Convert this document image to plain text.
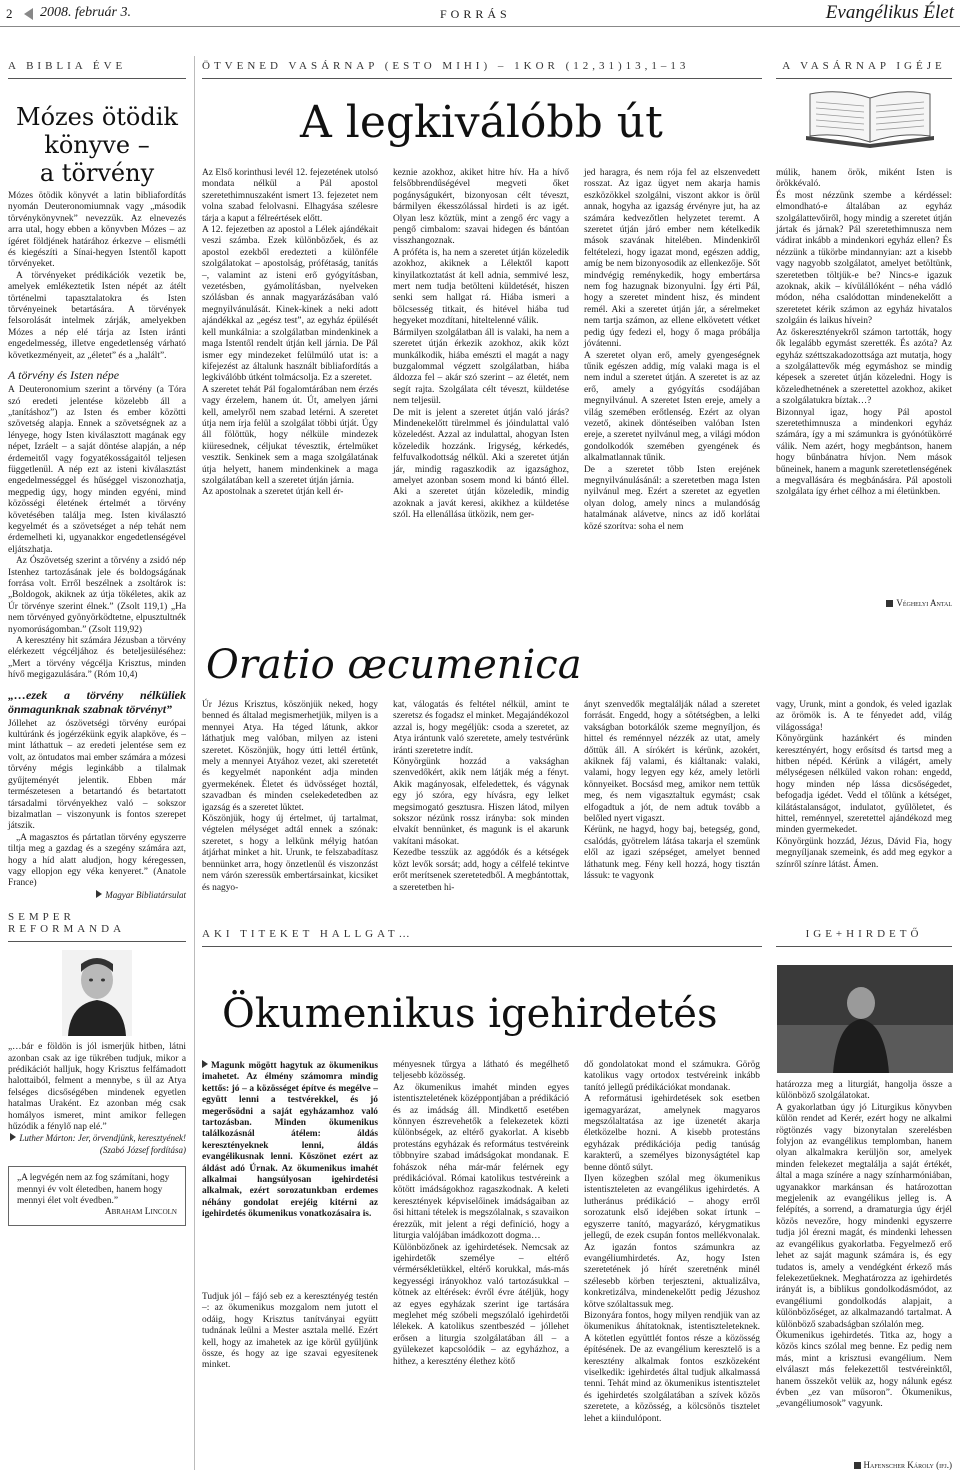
2 2008. február 3.	FORRÁS	Evangélikus Élet
A BIBLIA ÉVE
Mózes ötödik
könyve –
a törvény

Mózes ötödik könyvét a latin bibliafordítás nyomán Deuteronomiumnak vagy „második törvénykönyvnek” nevezzük. Az elnevezés arra utal, hogy ebben a könyvben Mózes – az ígéret földjének határához érkezve – elismétli és kiegészíti a Sínai-hegyen Istentől kapott törvényeket.

A törvényeket prédikációk vezetik be, amelyek emlékeztetik Isten népét az átélt történelmi tapasztalatokra és Isten törvényeinek betartására. A törvények felsorolását intelmek zárják, amelyekben Mózes a nép elé tárja az Isten iránti engedelmesség, illetve engedetlenség várható következményeit, az „életet” és a „halált”.

A törvény és Isten népe

A Deuteronomium szerint a törvény (a Tóra szó eredeti jelentése közelebb áll a „tanításhoz”) az Isten és ember közötti szövetség alapja. Ennek a szövetségnek az a lényege, hogy Isten kiválasztott magának egy népet, Izráelt – a saját döntése alapján, a nép érdemeitől vagy fogyatékosságaitól teljesen függetlenül. A nép ezt az isteni kiválasztást engedelmességgel és hűséggel viszonozhatja, megpedig úgy, hogy minden egyéni, mind közösségi életének értelmét a törvény követésében találja meg. Isten kiválasztó kegyelmét és a szövetséget a nép tehát nem érdemelheti ki, ugyanakkor engedetlenségével eljátszhatja.

Az Ószövetség szerint a törvény a zsidó nép Istenhez tartozásának jele és boldogságának forrása volt. Erről beszélnek a zsoltárok is: „Boldogok, akiknek az útja tökéletes, akik az Úr törvénye szerint élnek.” (Zsolt 119,1) „Ha nem törvényed gyönyörködtetne, elpusztultnék nyomorúságomban.” (Zsolt 119,92)

A keresztény hit számára Jézusban a törvény elérkezett végcéljához és beteljesüléséhez: „Mert a törvény végcélja Krisztus, minden hívő megigazulására.” (Róm 10,4)

„…ezek a törvény nélküliek önmagunknak szabnak törvényt”

Jóllehet az ószövetségi törvény európai kultúránk és jogérzékünk egyik alapköve, és – mint láthattuk – az eredeti jelentése sem ez volt, az öntudatos mai ember számára a mózesi törvény mégis leginkább a tilalmak gyűjteményét jelentik. Ebben már természetesen a betartandó és betartatott társadalmi törvényekhez való – sokszor bizalmatlan – viszonyunk is fontos szerepet játszik.

„A magasztos és pártatlan törvény egyszerre tiltja meg a gazdag és a szegény számára azt, hogy a híd alatt aludjon, hogy kéregessen, vagy ellopjon egy véka kenyeret.” (Anatole France)

Magyar Bibliatársulat
SEMPER REFORMANDA

„…bár e földön is jól ismerjük hitben, látni azonban csak az ige tükrében tudjuk, mikor a prédikációt halljuk, hogy Krisztus felfámadott halottaiból, felment a mennybe, s ül az Atya felséges dicsőségében mindenek egyetlen hatalmas Uraként. Ez azonban még csak homályos ismeret, mint amikor fellegen hűzódik a fénylő nap elé.”

Luther Márton: Jer, örvendjünk, keresztyének! (Szabó József fordítása)
„A legvégén nem az fog számítani, hogy mennyi év volt életedben, hanem hogy mennyi élet volt évedben.”
Abraham Lincoln
ÖTVENED VASÁRNAP (ESTO MIHI) – 1KOR (12,31)13,1–13	A VASÁRNAP IGÉJE
A legkiválóbb út
Az Első korinthusi levél 12. fejezetének utolsó mondata nélkül a Pál apostol szeretethimnuszaként ismert 13. fejezetet nem volna szabad felolvasni. Elhagyása szélesre tárja a kaput a félreértések előtt.
A 12. fejezetben az apostol a Lélek ajándékait veszi számba. Ezek különbözőek, és az apostol ezekből eredezteti a különféle szolgálatokat – apostolság, prófétaság, tanítás –, valamint az isteni erő gyógyításban, vezetésben, gyámolításban, nyelveken szólásban és annak magyarázásában való megnyilvánulását. Kinek-kinek a neki adott ajándékkal az „egész test”, az egyház épülését kell munkálnia: a szolgálatban mindenkinek a maga Istentől rendelt útján kell járnia. De Pál ismer egy mindezeket felülmúló utat is: a kifejezést az általunk használt bibliafordítás a legkiválóbb útként tolmácsolja. Ez a szeretet.
A szeretet tehát Pál fogalomtárában nem érzés vagy érzelem, hanem út. Út, amelyen járni kell, amelyről nem szabad letérni. A szeretet útja nem írja felül a szolgálat többi útját. Úgy áll fölöttük, hogy nélküle mindezek kiüresednek, céljukat tévesztik, értelmüket vesztik. Senkinek sem a maga szolgálatának útja helyett, hanem mindenkinek a maga szolgálatában kell a szeretet útján járnia.
Az apostolnak a szeretet útján kell ér-
keznie azokhoz, akiket hitre hív. Ha a hívő felsőbbrendűségével megveti őket pogányságukért, bizonyosan célt téveszt, bármilyen ékesszólással hirdeti is az igét. Olyan lesz köztük, mint a zengő érc vagy a pengő cimbalom: szavai hidegen és bántóan visszhangoznak.
A próféta is, ha nem a szeretet útján közeledik azokhoz, akiknek a Lélektől kapott kinyilatkoztatást át kell adnia, semmivé lesz, mert nem tudja betölteni küldetését, hiszen senki sem hallgat rá. Hiába ismeri a bölcsesség titkait, és hitével hiába tud hegyeket mozdítani, hiteltelenné válik.
Bármilyen szolgálatban áll is valaki, ha nem a szeretet útján érkezik azokhoz, akik közt munkálkodik, hiába emészti el magát a nagy buzgalommal végzett szolgálatban, hiába áldozza fel – akár szó szerint – az életét, nem segít rajta. Szolgálata célt téveszt, küldetése nem teljesül.
De mit is jelent a szeretet útján való járás? Mindenekelőtt türelmmel és jóindulattal való közeledést. Azzal az indulattal, ahogyan Isten közeledik hozzánk. Irigység, kérkedés, felfuvalkodottság nélkül. Aki a szeretet útján jár, mindig ragaszkodik az igazsághoz, amelyet azonban sosem mond ki bántó éllel. Aki a szeretet útján közeledik, mindig azoknak a javát keresi, akikhez a küldetése szól. Ha ellenállása ütközik, nem ger-
jed haragra, és nem rója fel az elszenvedett rosszat. Az igaz ügyet nem akarja hamis eszközökkel szolgálni, viszont akkor is örül annak, hogyha az igazság érvényre jut, ha az számára kedvezőtlen helyzetet teremt. A szeretet útján járó ember nem kételkedik mások szavának hitelében. Mindenkiről feltételezi, hogy igazat mond, egészen addig, amíg be nem bizonyosodik az ellenkezője. Sőt mindvégig reménykedik, hogy embertársa nem fog hazugnak bizonyulni. Így érti Pál, hogy a szeretet mindent hisz, és mindent remél. Aki a szeretet útján jár, a sérelmeket nem tartja számon, az ellene elkövetett vétket pedig úgy fedezi el, hogy ő maga próbálja jóvátenni.
A szeretet olyan erő, amely gyengeségnek tűnik egészen addig, míg valaki maga is el nem indul a szeretet útján. A szeretet is az az erő, amely a gyógyítás csodájában megnyilvánul. A szeretet Isten ereje, amely a világ szemében erőtlenség. Ezért az olyan vezető, akinek döntéseiben valóban Isten ereje, a szeretet nyilvánul meg, a világi módon gondolkodók szemében gyengének és alkalmatlannak tűnik.
De a szeretet több Isten erejének megnyilvánulásánál: a szeretetben maga Isten nyilvánul meg. Ezért a szeretet az egyetlen olyan dolog, amely nincs a mulandóság hatalmának alávetve, nincs az idő korlátai közé szorítva: soha el nem
múlik, hanem örök, miként Isten is örökkévaló.
És most nézzünk szembe a kérdéssel: elmondható-e általában az egyház szolgálattevőiről, hogy mindig a szeretet útján jártak és járnak? Pál szeretethimnusza nem vádirat inkább a mindenkori egyház ellen? És nézzünk a tükörbe mindannyian: azt a kisebb vagy nagyobb szolgálatot, amelyet betöltünk, szeretetben töltjük-e be? Nincs-e igazuk azoknak, akik – kívülállóként – néha vádló módon, néha csalódottan mindenekelőtt a szeretetet kérik számon az egyház hivatalos szolgáin és laikus hívein?
Az őskeresztényekről számon tartották, hogy ők legalább egymást szerették. És azóta? Az egyház széttszakadozottsága azt mutatja, hogy a szolgálattevők még egymáshoz se mindig képesek a szeretet útján közeledni. Hogy is közeledhetnének a szeretettel azokhoz, akiket a szolgálatukra bíztak…?
Bizonnyal igaz, hogy Pál apostol szeretethimnusza a mindenkori egyház számára, így a mi számunkra is gyónótükörré válik. Nem azért, hogy megbántson, hanem hogy bűnbánatra hívjon. Nem mások bűneinek, hanem a magunk szeretetlenségének a megvallására és megbánására. Pál apostoli szolgálata így érhet célhoz a mi életünkben.
Véghelyi Antal
Oratio œcumenica
Úr Jézus Krisztus, köszönjük neked, hogy benned és általad megismerhetjük, milyen is a mennyei Atya. Ha téged látunk, akkor láthatjuk meg valóban, milyen az isteni szeretet. Köszönjük, hogy útti lettél értünk, mely a mennyei Atyához vezet, aki szeretetét és kegyelmét naponként adja minden gyermekének. Életet és üdvösséget hoztál, szavadban és minden cselekedetedben az igazság és a szeretet lüktet.
Köszönjük, hogy új értelmet, új tartalmat, végtelen mélységet adtál ennek a szónak: szeretet, s hogy a lelkünk mélyig hatóan átjárhat minket a hit. Urunk, te felszabadítasz bennünket arra, hogy önzetlenül és viszonzást nem várón szeressük embertársainkat, kicsiket és nagyo-
kat, válogatás és feltétel nélkül, amint te szeretsz és fogadsz el minket. Megajándékozol azzal is, hogy megéljük: csoda a szeretet, az Atya irántunk való szeretete, amely testvérünk iránti szeretetre indít.
Könyörgünk hozzád a vaksághan szenvedőkért, akik nem látják még a fényt. Akik magányosak, elfeledettek, és vágynak egy jó szóra, egy hívásra, egy lelket megsimogató gesztusra. Hiszen látod, milyen sokszor nézünk rossz irányba: sok minden elvakít bennünket, és magunk is el akarunk vakítani másokat.
Kezedbe tesszük az aggódók és a kétségek közt levők sorsát; add, hogy a célfelé tekintve erőt merítsenek szeretetedből. A megbántottak, a szeretetben hi-
ányt szenvedők megtalálják nálad a szeretet forrását. Engedd, hogy a sötétségben, a lelki vakságban botorkálók szeme megnyíljon, és hittel és reménnyel nézzék az utat, amely dőttük áll. A sírókért is kérünk, azokért, akiknek fáj valami, és kiáltanak: valaki, valami, hogy legyen egy kéz, amely letörli könnyeiket. Bocsásd meg, amikor nem tettük meg, és nem vigasztaltuk egymást; csak elfogadtuk a jót, de nem adtuk tovább a belőled nyert vigaszt.
Kérünk, ne hagyd, hogy baj, betegség, gond, csalódás, gyötrelem látása takarja el szemünk elől az igazi szépséget, amelyet benned láthatunk meg. Fény kell hozzá, hogy tisztán lássuk: te vagyonk
vagy, Urunk, mint a gondok, és veled igazlak az örömök is. A te fényedet add, világ világossága!
Könyörgünk hazánkért és minden keresztényért, hogy erősítsd és tartsd meg a hitben népéd. Kérünk a világért, amely mélységesen nélküled vakon rohan: engedd, hogy minden nép lássa dicsőségedet, befogadja igédet. Vedd el tőlünk a kétséget, kilátástalanságot, indulatot, gyűlöletet, és hittel, reménnyel, szeretettel ajándékozd meg minden gyermekedet.
Könyörgünk hozzád, Jézus, Dávid Fia, hogy megnyíljanak szemeink, és add meg egykor a színről színre látást. Ámen.
AKI TITEKET HALLGAT…	IGE+HIRDETŐ
Ökumenikus igehirdetés
Magunk mögött hagytuk az ökumenikus imahetet. Az élmény számomra mindig kettős: jó – a közösséget építve és megélve – együtt lenni a testvérekkel, és jó megerősödni a saját egyházamhoz való tartozásban. Minden ökumenikus találkozásnál átélem: áldás keresztényeknek lenni, áldás evangélikusnak lenni. Köszönet ezért az áldást adó Úrnak. Az ökumenikus imahét alkalmai hangsúlyosan igehirdetési alkalmak, ezért sorozatunkban erdemes néhány gondolat erejéig kitérni az igehirdetés ökumenikus vonatkozásaira is.
Tudjuk jól – fájó seb ez a keresztényég testén –: az ökumenikus mozgalom nem jutott el odáig, hogy Krisztus tanítványai együtt tudnának leülni a Mester asztala mellé. Ezért kell, hogy az imahetek az ige körül gyűljünk össze, és hogy az ige szavai egyesítenek minket.
ményesnek tűrgya a látható és megélhető teljesebb közösség.
Az ökumenikus imahét minden egyes istentiszteletének középpontjában a prédikáció és az imádság áll. Mindkettő esetében könnyen észrevehetők a felekezetek közti különbségek, az eltérő gyakorlat. A kisebb protestáns egyházak és református testvéreink többnyire szabad imádságokat mondanak. E fohászok néha már-már felérnek egy prédikációval. Római katolikus testvéreink a kötött imádságokhoz ragaszkodnak. A keleti keresztények képviselőinek imádságaiban az ősi hittani tételek is megszólalnak, s szavaikon érezzük, mit jelent a régi definíció, hogy a liturgia valójában imádkozott dogma…
Különbözőnek az igehirdetések. Nemcsak az igehirdetők személye – eltérő vérmérsékletükkel, eltérő korukkal, más-más kegyességi irányokhoz való tartozásukkal – kötnek az eltérések: évről évre átéljük, hogy az egyes egyházak szerint ige tartására meglehet még szóbeli megszólaló igehirdetői lélekek. A katolikus szentbeszéd – jóllehet erősen a liturgia szolgálatában áll – a gyülekezet kapcsolódik – az egyházhoz, a hithez, a keresztény élethez kötő
dő gondolatokat mond el számukra. Görög katolikus vagy ortodox testvéreink inkább tanító jellegű prédikációkat mondanak.
A reformátusi igehirdetések sok esetben igemagyarázat, amelynek magyaros megszólaltatása az ige üzenetét akarja életközelbe hozni. A kisebb protestáns egyházak prédikációja pedig tanúság karakterű, a személyes bizonyságtétel kap benne döntő súlyt.
Ilyen közegben szólal meg ökumenikus istentiszteleten az evangélikus igehirdetés. A lutheránus prédikáció – ahogy erről sorozatunk első idejében sokat írtunk – egyszerre tanító, magyarázó, kérygmatikus jellegű, de ezek csupán fontos mellékvonalak. Az igazán fontos számunkra az evangéliumhirdetés. Az, hogy Isten szeretetének jó hírét szeretnénk minél szélesebb körben terjeszteni, aktualizálva, konkretizálva, mindenekelőtt pedig Jézushoz kötve szólaltassuk meg.
Bizonyára fontos, hogy milyen rendjük van az ökumenikus áhítatoknak, istentiszteleteknek. A kötetlen együttlét fontos része a közösség építésének. De az evangélium keresztelő is a keresztény alkalmak fontos eszközeként viselkedik: igehirdetés által tudjuk alkalmassá tenni. Tehát mind az ökumenikus istentisztelet és igehirdetés szolgálatában a szívek közös szeretete, a közösség, a kölcsönös tisztelet lehet a kiindulópont.
határozza meg a liturgiát, hangolja össze a különböző szolgálatokat.
A gyakorlatban úgy jó Liturgikus könyvben külön rendet ad Kerér, ezért hogy ne alkalmi rögtönzés vagy bizonytalan szerelésben folyjon az evangélikus templomban, hanem olyan alkalmakra kerüljön sor, amelyek minden felekezet megtalálja a saját értékét, által a maga színére a nagy színharmóniában, ugyanakkor markánsan és határozottan megjelenik az evangélikus jelleg is. A felépítés, a sorrend, a dramaturgia úgy érjél közös nevezőre, hogy mindenki egyszerre tudja jól érezni magát, és mindenki lehessen az evangélikus gyakorlatba. Fegyelmező erő lehet az saját magunk számára is, és egy tudatos is, amely a vendégként érkező más felekezetűeknek. Meghatározza az igehirdetés irányát is, a biblikus gondolkodásmódot, az evangéliumi gondolkodás alapjait, a különbözőséget, az alkalmazandó tartalmat. A különböző szabadságban szólalón meg.
Ökumenikus igehirdetés. Titka az, hogy a közös kincs szólal meg benne. Ez pedig nem más, mint a krisztusi evangélium. Nem elválaszt más felekezettől testvéreinktől, hanem összeköt velük az, hogy nálunk egész évben „ez van műsoron”. Ökumenikus, „evangéliumosok” vagyunk.
Hafenscher Károly (ifj.)
